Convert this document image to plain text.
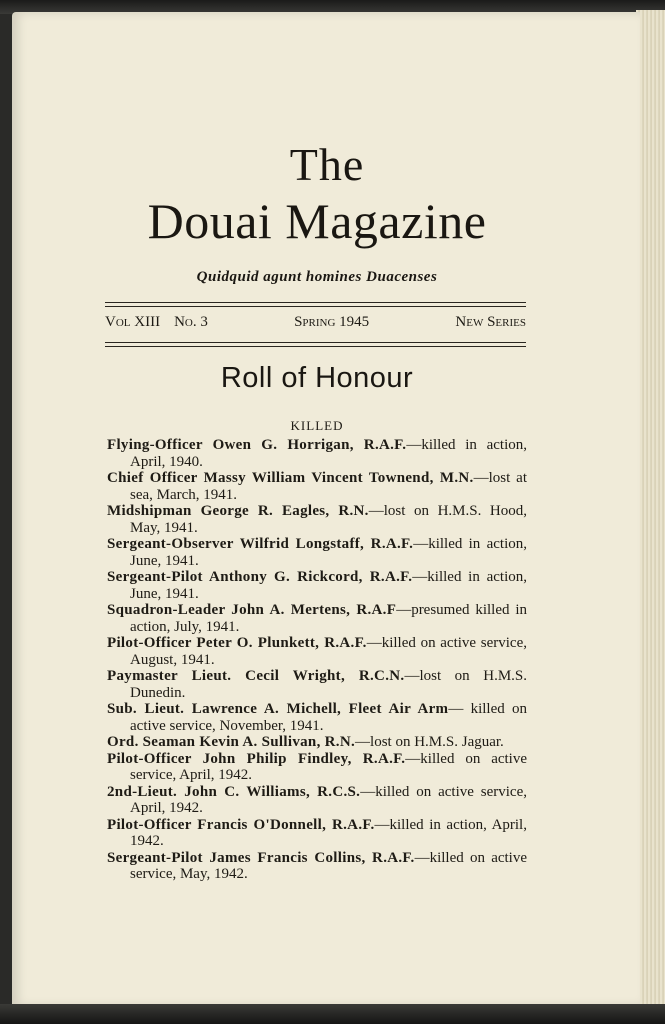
The
Douai Magazine
Quidquid agunt homines Duacenses
Vol XIII No. 3	Spring 1945	New Series
Roll of Honour
KILLED
Flying-Officer Owen G. Horrigan, R.A.F.—killed in action, April, 1940.
Chief Officer Massy William Vincent Townend, M.N.—lost at sea, March, 1941.
Midshipman George R. Eagles, R.N.—lost on H.M.S. Hood, May, 1941.
Sergeant-Observer Wilfrid Longstaff, R.A.F.—killed in action, June, 1941.
Sergeant-Pilot Anthony G. Rickcord, R.A.F.—killed in action, June, 1941.
Squadron-Leader John A. Mertens, R.A.F—presumed killed in action, July, 1941.
Pilot-Officer Peter O. Plunkett, R.A.F.—killed on active service, August, 1941.
Paymaster Lieut. Cecil Wright, R.C.N.—lost on H.M.S. Dunedin.
Sub. Lieut. Lawrence A. Michell, Fleet Air Arm— killed on active service, November, 1941.
Ord. Seaman Kevin A. Sullivan, R.N.—lost on H.M.S. Jaguar.
Pilot-Officer John Philip Findley, R.A.F.—killed on active service, April, 1942.
2nd-Lieut. John C. Williams, R.C.S.—killed on active service, April, 1942.
Pilot-Officer Francis O'Donnell, R.A.F.—killed in action, April, 1942.
Sergeant-Pilot James Francis Collins, R.A.F.—killed on active service, May, 1942.
